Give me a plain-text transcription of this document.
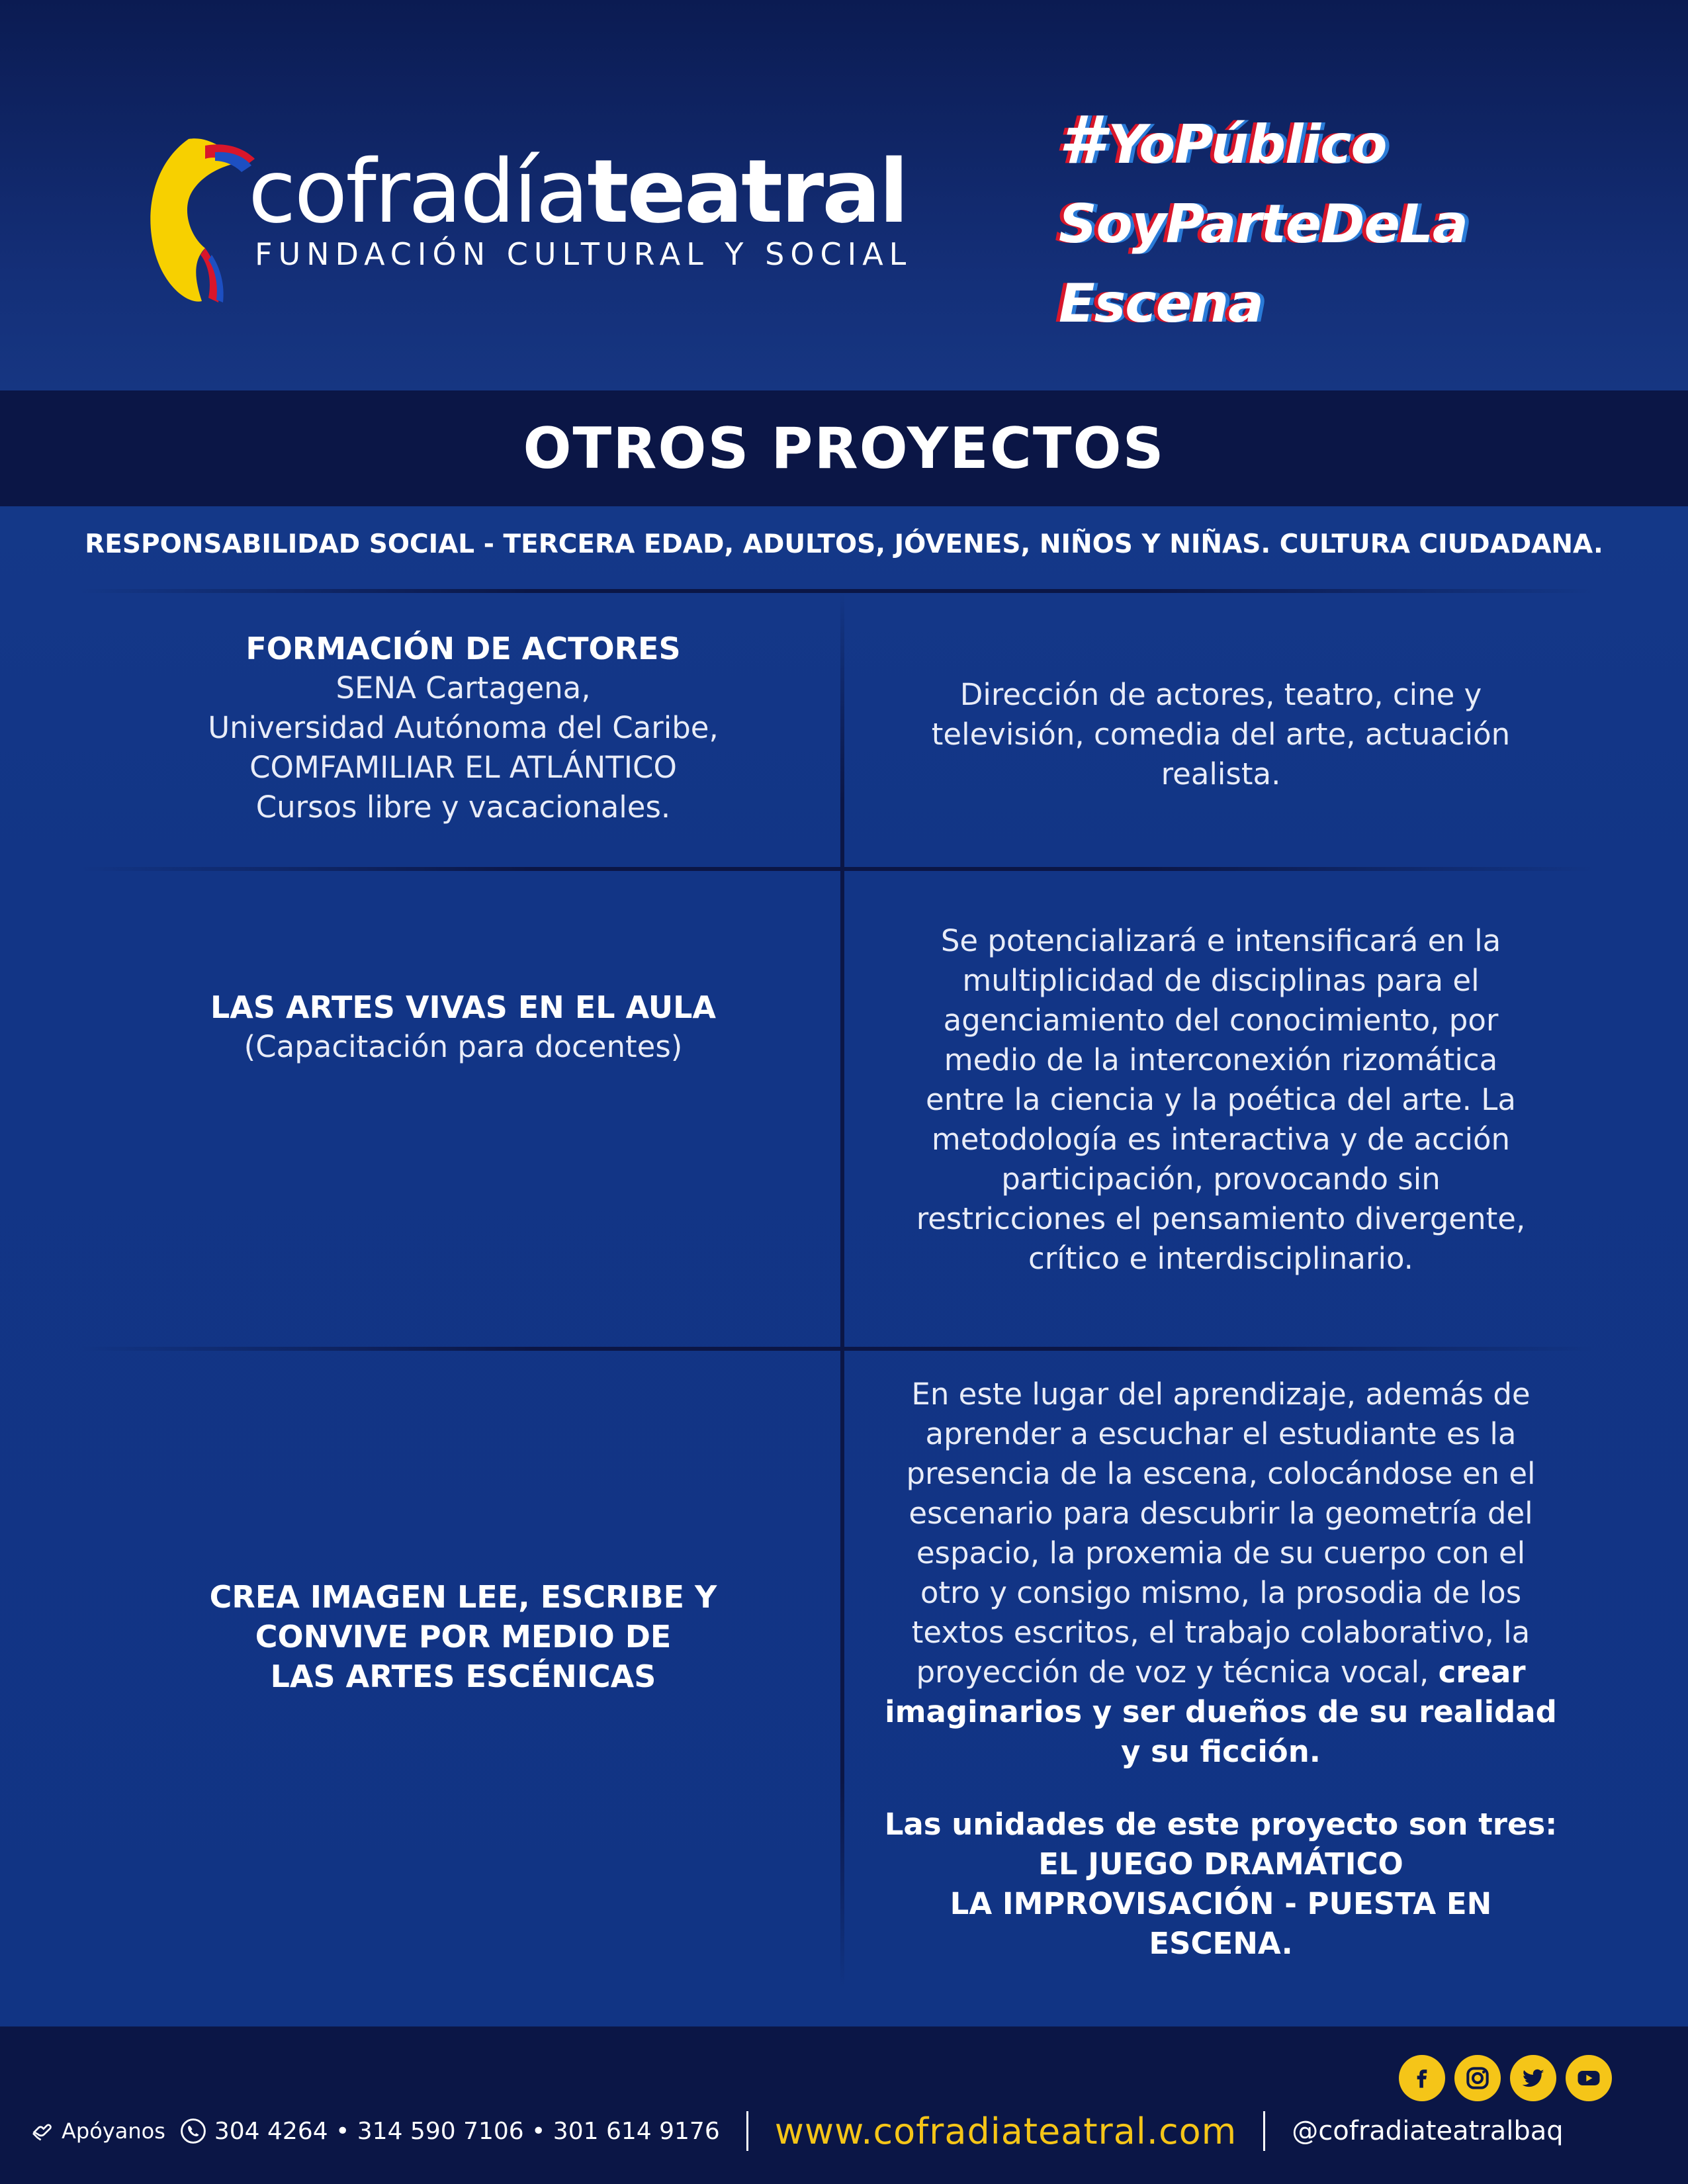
cofradíateatral
FUNDACIÓN CULTURAL Y SOCIAL
#YoPúblico
SoyParteDeLa
Escena
OTROS PROYECTOS
RESPONSABILIDAD SOCIAL - TERCERA EDAD, ADULTOS, JÓVENES, NIÑOS Y NIÑAS. CULTURA CIUDADANA.
FORMACIÓN DE ACTORES
SENA Cartagena,
Universidad Autónoma del Caribe,
COMFAMILIAR EL ATLÁNTICO
Cursos libre y vacacionales.
Dirección de actores, teatro, cine y
televisión, comedia del arte, actuación
realista.
LAS ARTES VIVAS EN EL AULA
(Capacitación para docentes)
Se potencializará e intensificará en la
multiplicidad de disciplinas para el
agenciamiento del conocimiento, por
medio de la interconexión rizomática
entre la ciencia y la poética del arte. La
metodología es interactiva y de acción
participación, provocando sin
restricciones el pensamiento divergente,
crítico e interdisciplinario.
CREA IMAGEN LEE, ESCRIBE Y
CONVIVE POR MEDIO DE
LAS ARTES ESCÉNICAS
En este lugar del aprendizaje, además de
aprender a escuchar el estudiante es la
presencia de la escena, colocándose en el
escenario para descubrir la geometría del
espacio, la proxemia de su cuerpo con el
otro y consigo mismo, la prosodia de los
textos escritos, el trabajo colaborativo, la
proyección de voz y técnica vocal, crear
imaginarios y ser dueños de su realidad
y su ficción.
Las unidades de este proyecto son tres:
EL JUEGO DRAMÁTICO
LA IMPROVISACIÓN - PUESTA EN
ESCENA.
Apóyanos 304 4264 • 314 590 7106 • 301 614 9176 www.cofradiateatral.com @cofradiateatralbaq
